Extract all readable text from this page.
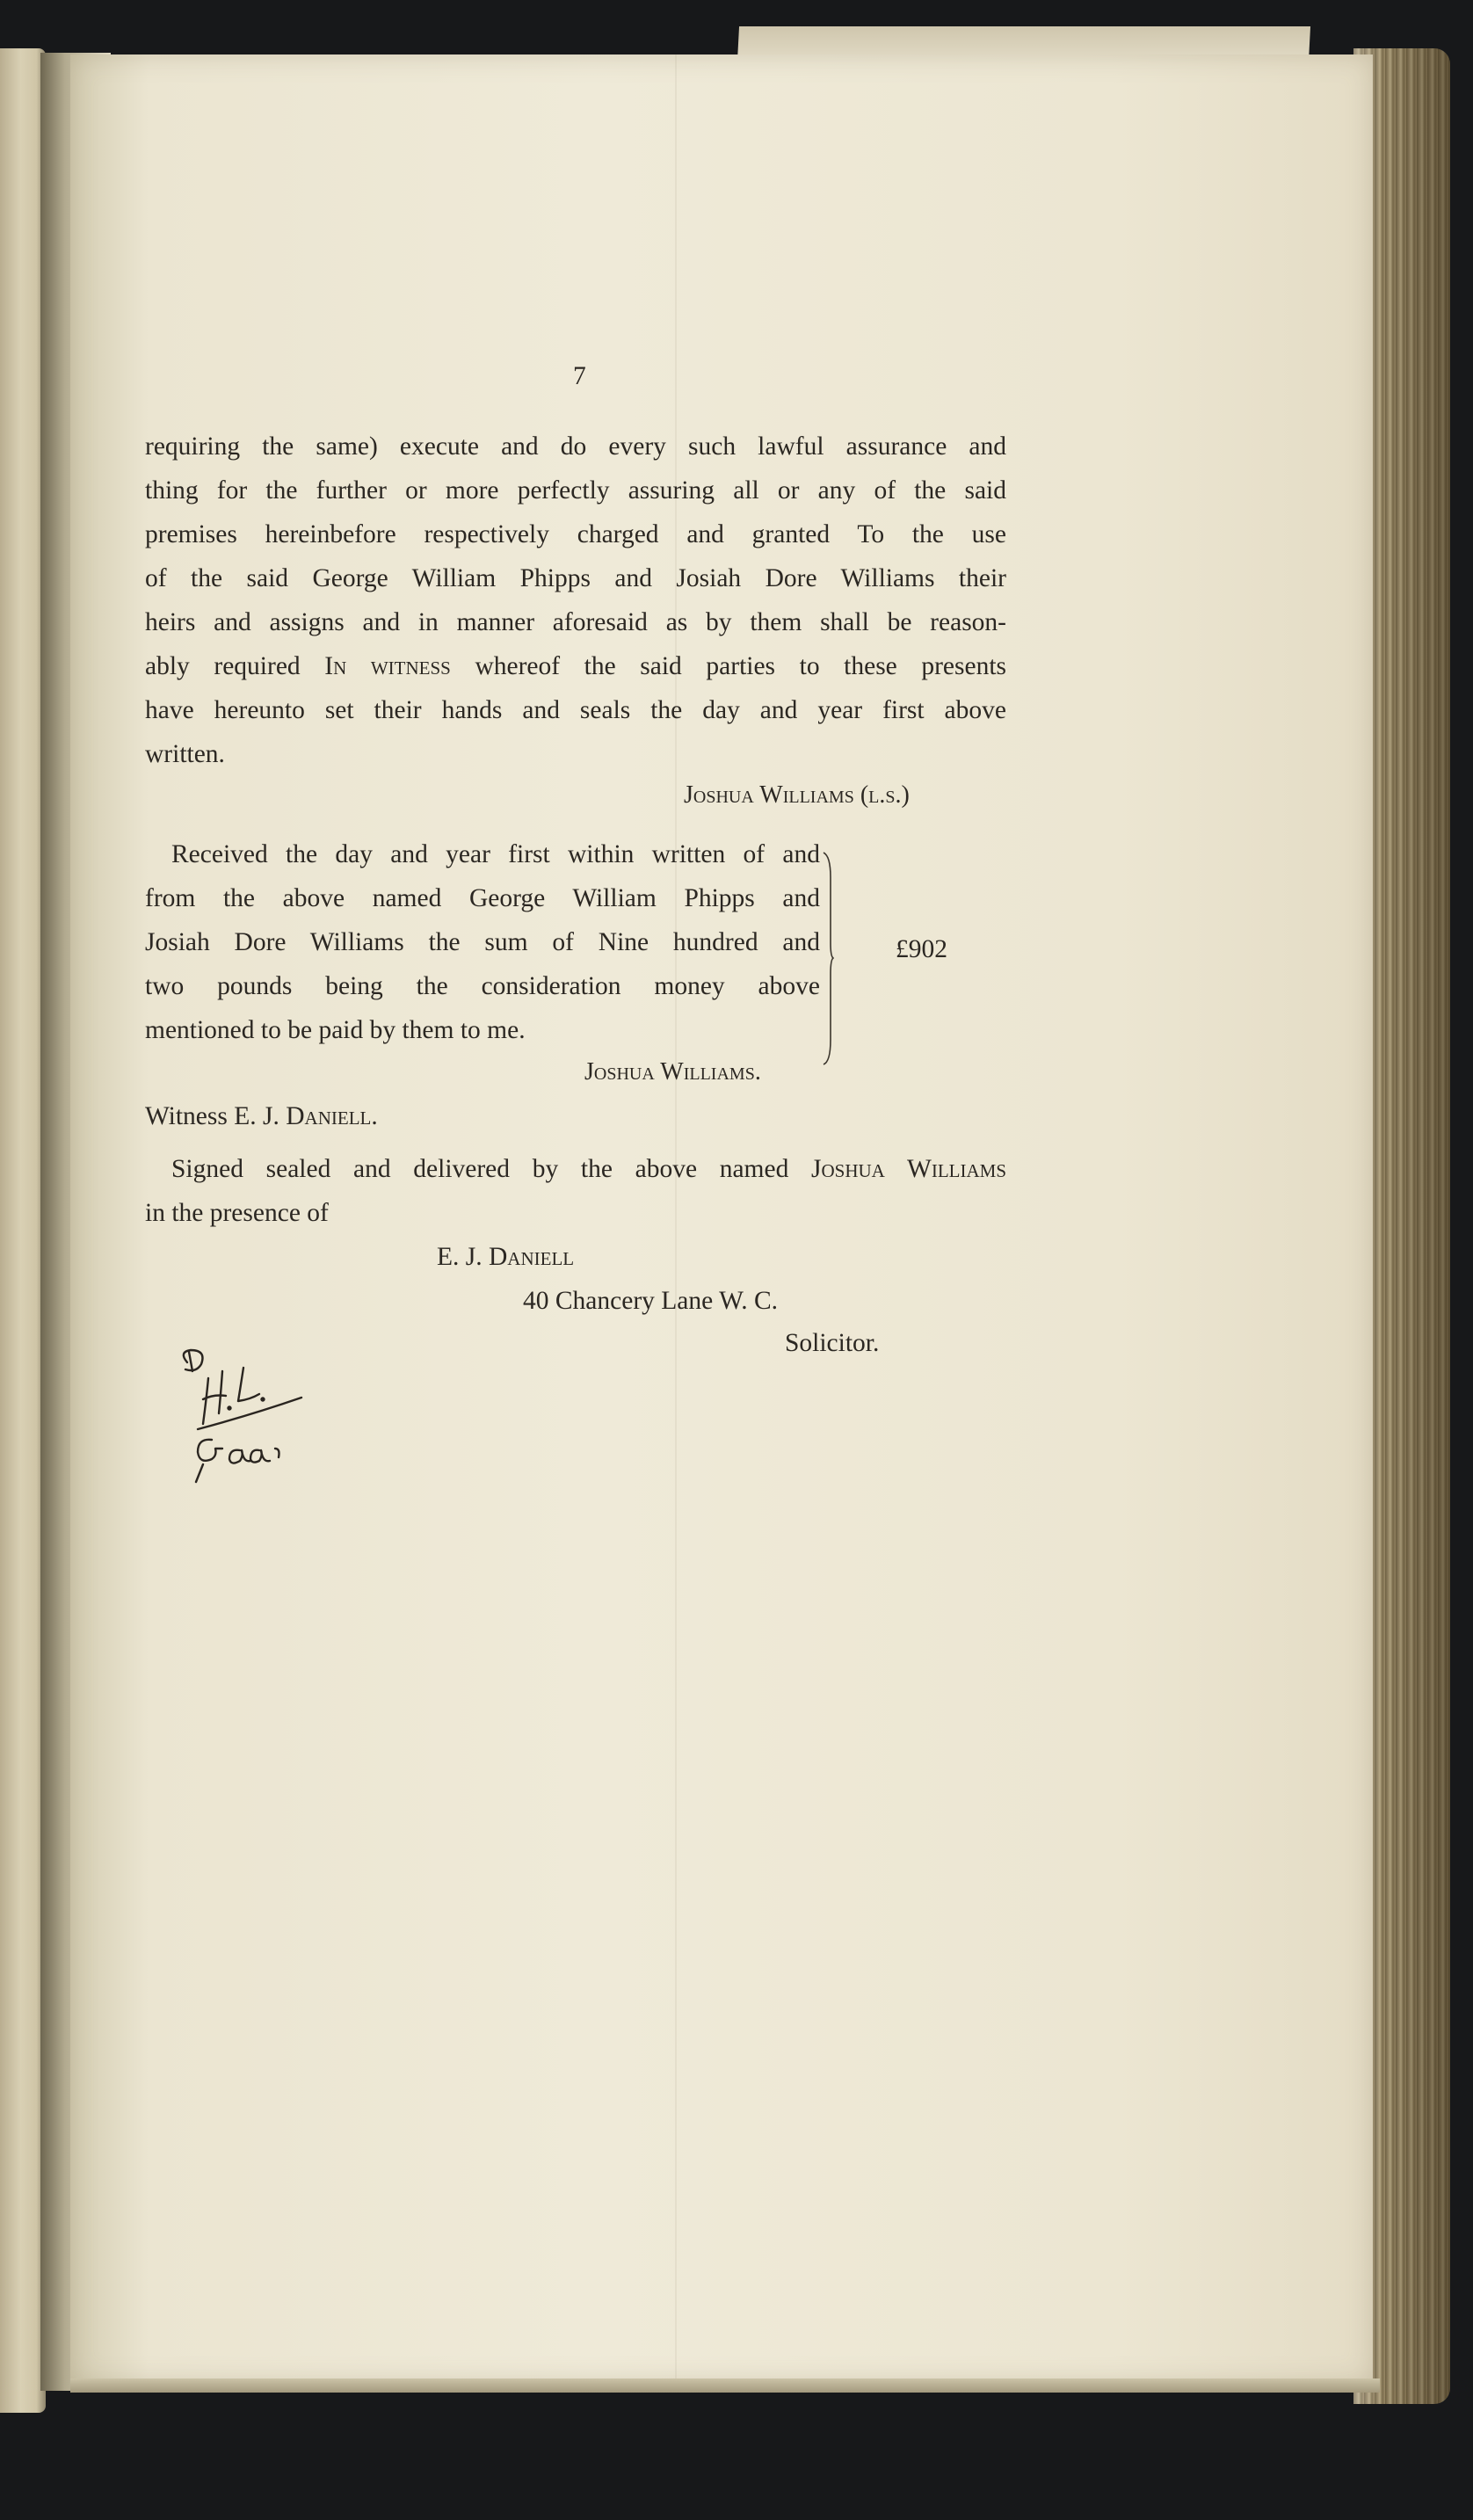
7
requiring the same) execute and do every such lawful assurance and
thing for the further or more perfectly assuring all or any of the said
premises hereinbefore respectively charged and granted To the use
of the said George William Phipps and Josiah Dore Williams their
heirs and assigns and in manner aforesaid as by them shall be reason-
ably required In witness whereof the said parties to these presents
have hereunto set their hands and seals the day and year first above
written.
Joshua Williams (l.s.)
Received the day and year first within written of and
from the above named George William Phipps and
Josiah Dore Williams the sum of Nine hundred and
two pounds being the consideration money above
mentioned to be paid by them to me.
Joshua Williams.
£902
Witness E. J. Daniell.
Signed sealed and delivered by the above named Joshua Williams
in the presence of
E. J. Daniell
40 Chancery Lane W. C.
Solicitor.
